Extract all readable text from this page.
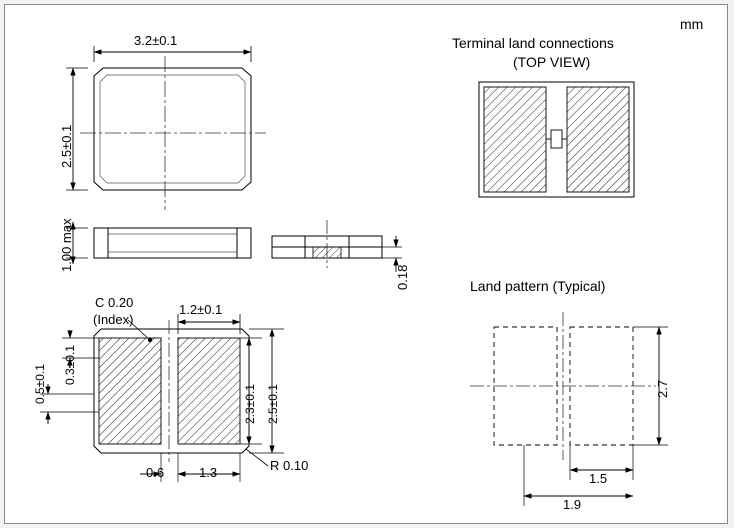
mm
Terminal land connections
(TOP VIEW)
Land pattern (Typical)
3.2±0.1
2.5±0.1
1.00 max
0.18
C 0.20
(Index)
1.2±0.1
0.3±0.1
0.5±0.1
2.3±0.1 2.5±0.1
0.6	1.3	R 0.10
2.7
1.5
1.9
